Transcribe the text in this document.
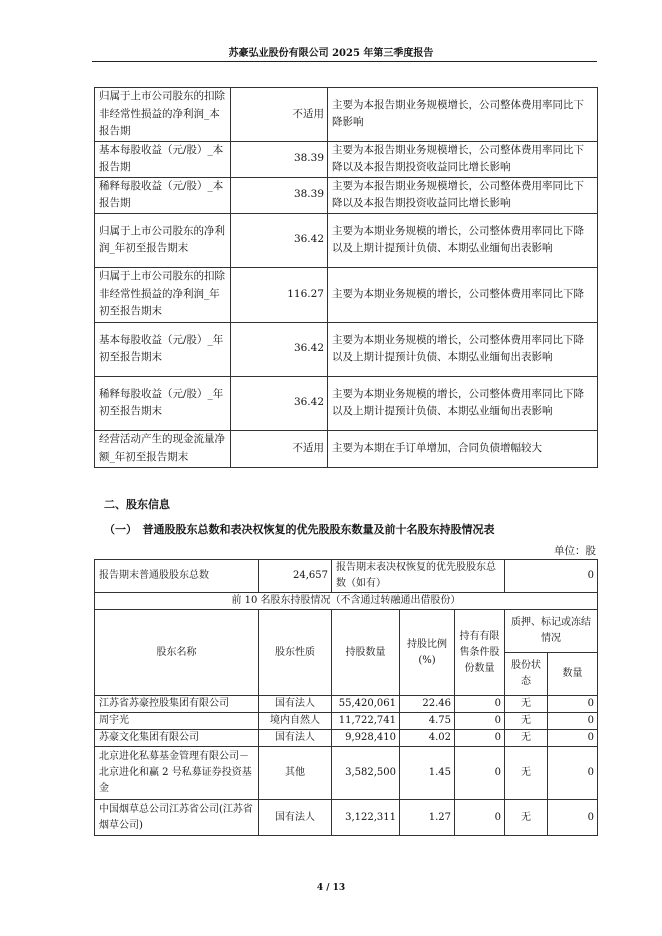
苏豪弘业股份有限公司 2025 年第三季度报告
归属于上市公司股东的扣除非经常性损益的净利润_本报告期	不适用	主要为本报告期业务规模增长，公司整体费用率同比下降影响
基本每股收益（元/股）_本报告期	38.39	主要为本报告期业务规模增长，公司整体费用率同比下降以及本报告期投资收益同比增长影响
稀释每股收益（元/股）_本报告期	38.39	主要为本报告期业务规模增长，公司整体费用率同比下降以及本报告期投资收益同比增长影响
归属于上市公司股东的净利润_年初至报告期末	36.42	主要为本期业务规模的增长，公司整体费用率同比下降以及上期计提预计负债、本期弘业缅甸出表影响
归属于上市公司股东的扣除非经常性损益的净利润_年初至报告期末	116.27	主要为本期业务规模的增长，公司整体费用率同比下降
基本每股收益（元/股）_年初至报告期末	36.42	主要为本期业务规模的增长，公司整体费用率同比下降以及上期计提预计负债、本期弘业缅甸出表影响
稀释每股收益（元/股）_年初至报告期末	36.42	主要为本期业务规模的增长，公司整体费用率同比下降以及上期计提预计负债、本期弘业缅甸出表影响
经营活动产生的现金流量净额_年初至报告期末	不适用	主要为本期在手订单增加，合同负债增幅较大
二、股东信息
（一）　普通股股东总数和表决权恢复的优先股股东数量及前十名股东持股情况表
单位：股
报告期末普通股股东总数	24,657	报告期末表决权恢复的优先股股东总数（如有）			0	
前 10 名股东持股情况（不含通过转融通出借股份）						
股东名称	股东性质	持股数量	持股比例(%)	持有有限售条件股份数量	质押、标记或冻结情况	
					股份状态	数量
江苏省苏豪控股集团有限公司	国有法人	55,420,061	22.46	0	无	0
周宇光	境内自然人	11,722,741	4.75	0	无	0
苏豪文化集团有限公司	国有法人	9,928,410	4.02	0	无	0
北京进化私募基金管理有限公司－北京进化和赢 2 号私募证券投资基金	其他	3,582,500	1.45	0	无	0
中国烟草总公司江苏省公司(江苏省烟草公司)	国有法人	3,122,311	1.27	0	无	0
4 / 13
